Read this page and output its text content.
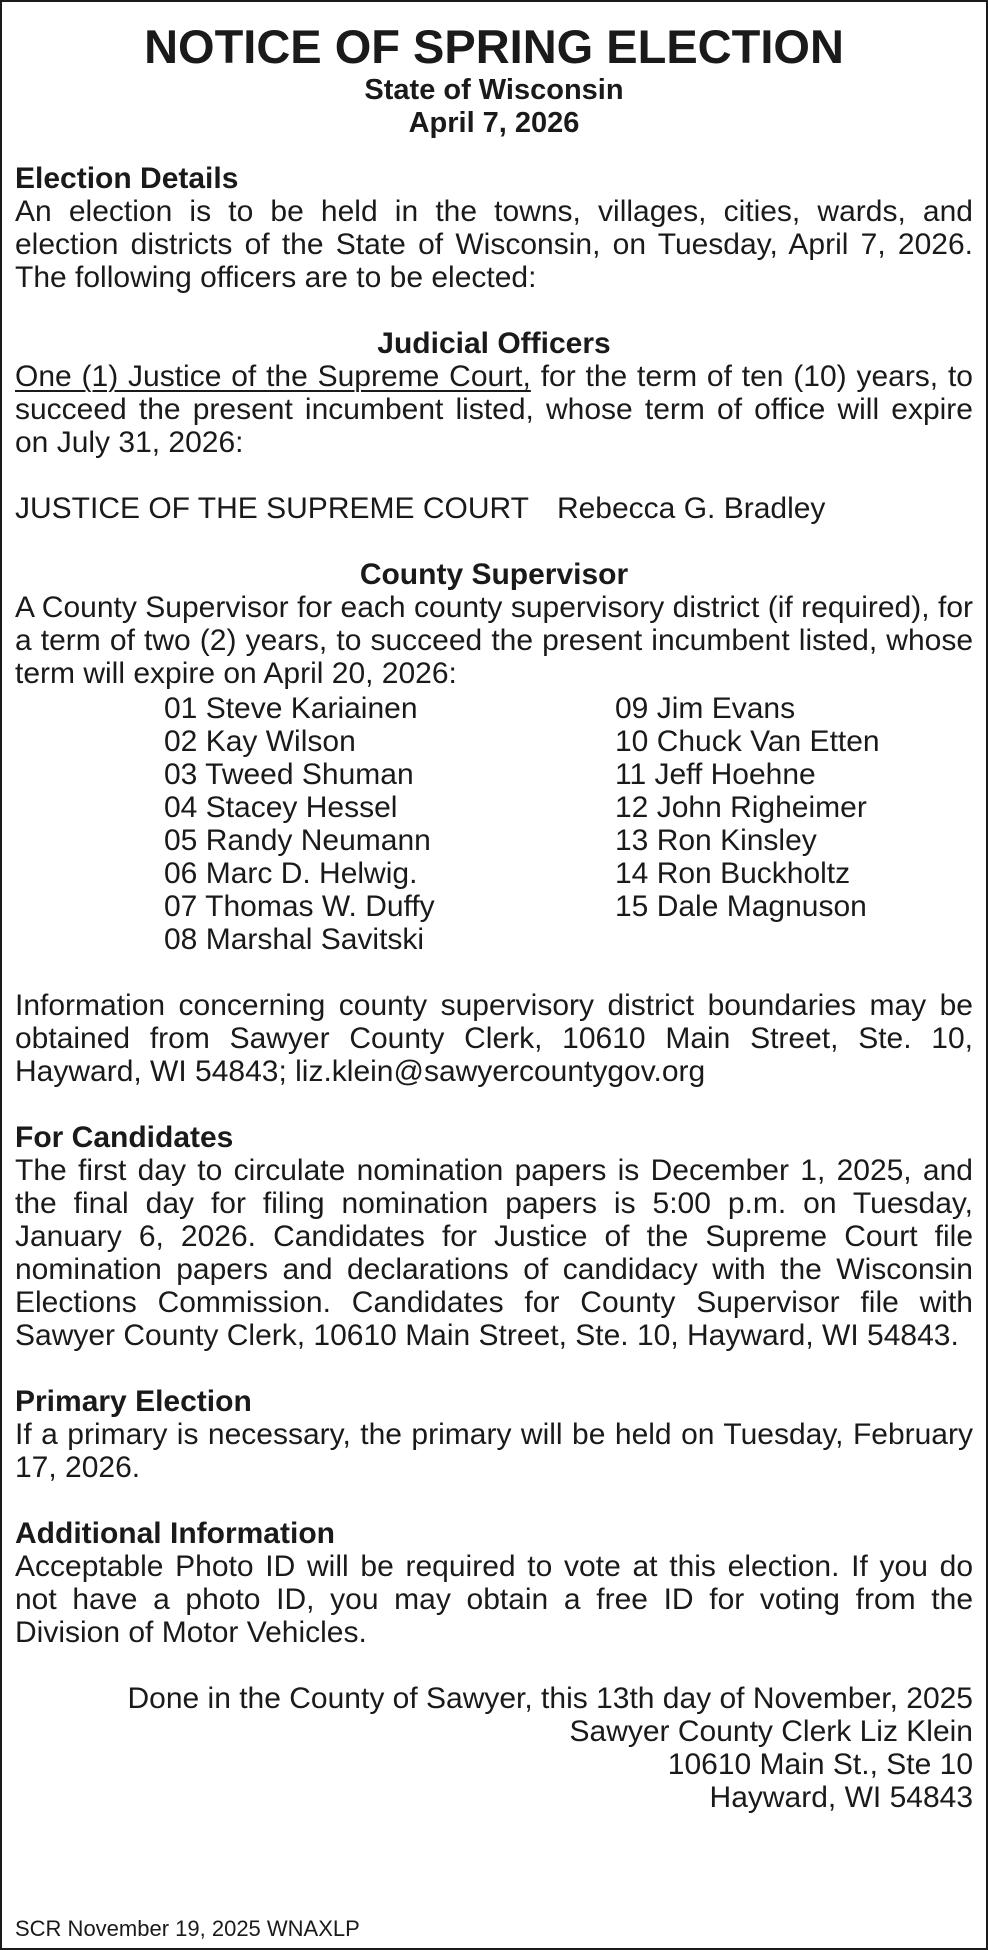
NOTICE OF SPRING ELECTION
State of Wisconsin
April 7, 2026
Election Details

An election is to be held in the towns, villages, cities, wards, and election districts of the State of Wisconsin, on Tuesday, April 7, 2026. The following officers are to be elected:

Judicial Officers

One (1) Justice of the Supreme Court, for the term of ten (10) years, to succeed the present incumbent listed, whose term of office will expire on July 31, 2026:

JUSTICE OF THE SUPREME COURT Rebecca G. Bradley
County Supervisor

A County Supervisor for each county supervisory district (if required), for a term of two (2) years, to succeed the present incumbent listed, whose term will expire on April 20, 2026:

01 Steve Kariainen
02 Kay Wilson
03 Tweed Shuman
04 Stacey Hessel
05 Randy Neumann
06 Marc D. Helwig.
07 Thomas W. Duffy
08 Marshal Savitski
09 Jim Evans
10 Chuck Van Etten
11 Jeff Hoehne
12 John Righeimer
13 Ron Kinsley
14 Ron Buckholtz
15 Dale Magnuson

Information concerning county supervisory district boundaries may be obtained from Sawyer County Clerk, 10610 Main Street, Ste. 10, Hayward, WI 54843; liz.klein@sawyercountygov.org

For Candidates

The first day to circulate nomination papers is December 1, 2025, and the final day for filing nomination papers is 5:00 p.m. on Tuesday, January 6, 2026. Candidates for Justice of the Supreme Court file nomination papers and declarations of candidacy with the Wisconsin Elections Commission. Candidates for County Supervisor file with Sawyer County Clerk, 10610 Main Street, Ste. 10, Hayward, WI 54843.

Primary Election

If a primary is necessary, the primary will be held on Tuesday, February 17, 2026.

Additional Information

Acceptable Photo ID will be required to vote at this election. If you do not have a photo ID, you may obtain a free ID for voting from the Division of Motor Vehicles.

Done in the County of Sawyer, this 13th day of November, 2025
Sawyer County Clerk Liz Klein
10610 Main St., Ste 10
Hayward, WI 54843
SCR November 19, 2025 WNAXLP
